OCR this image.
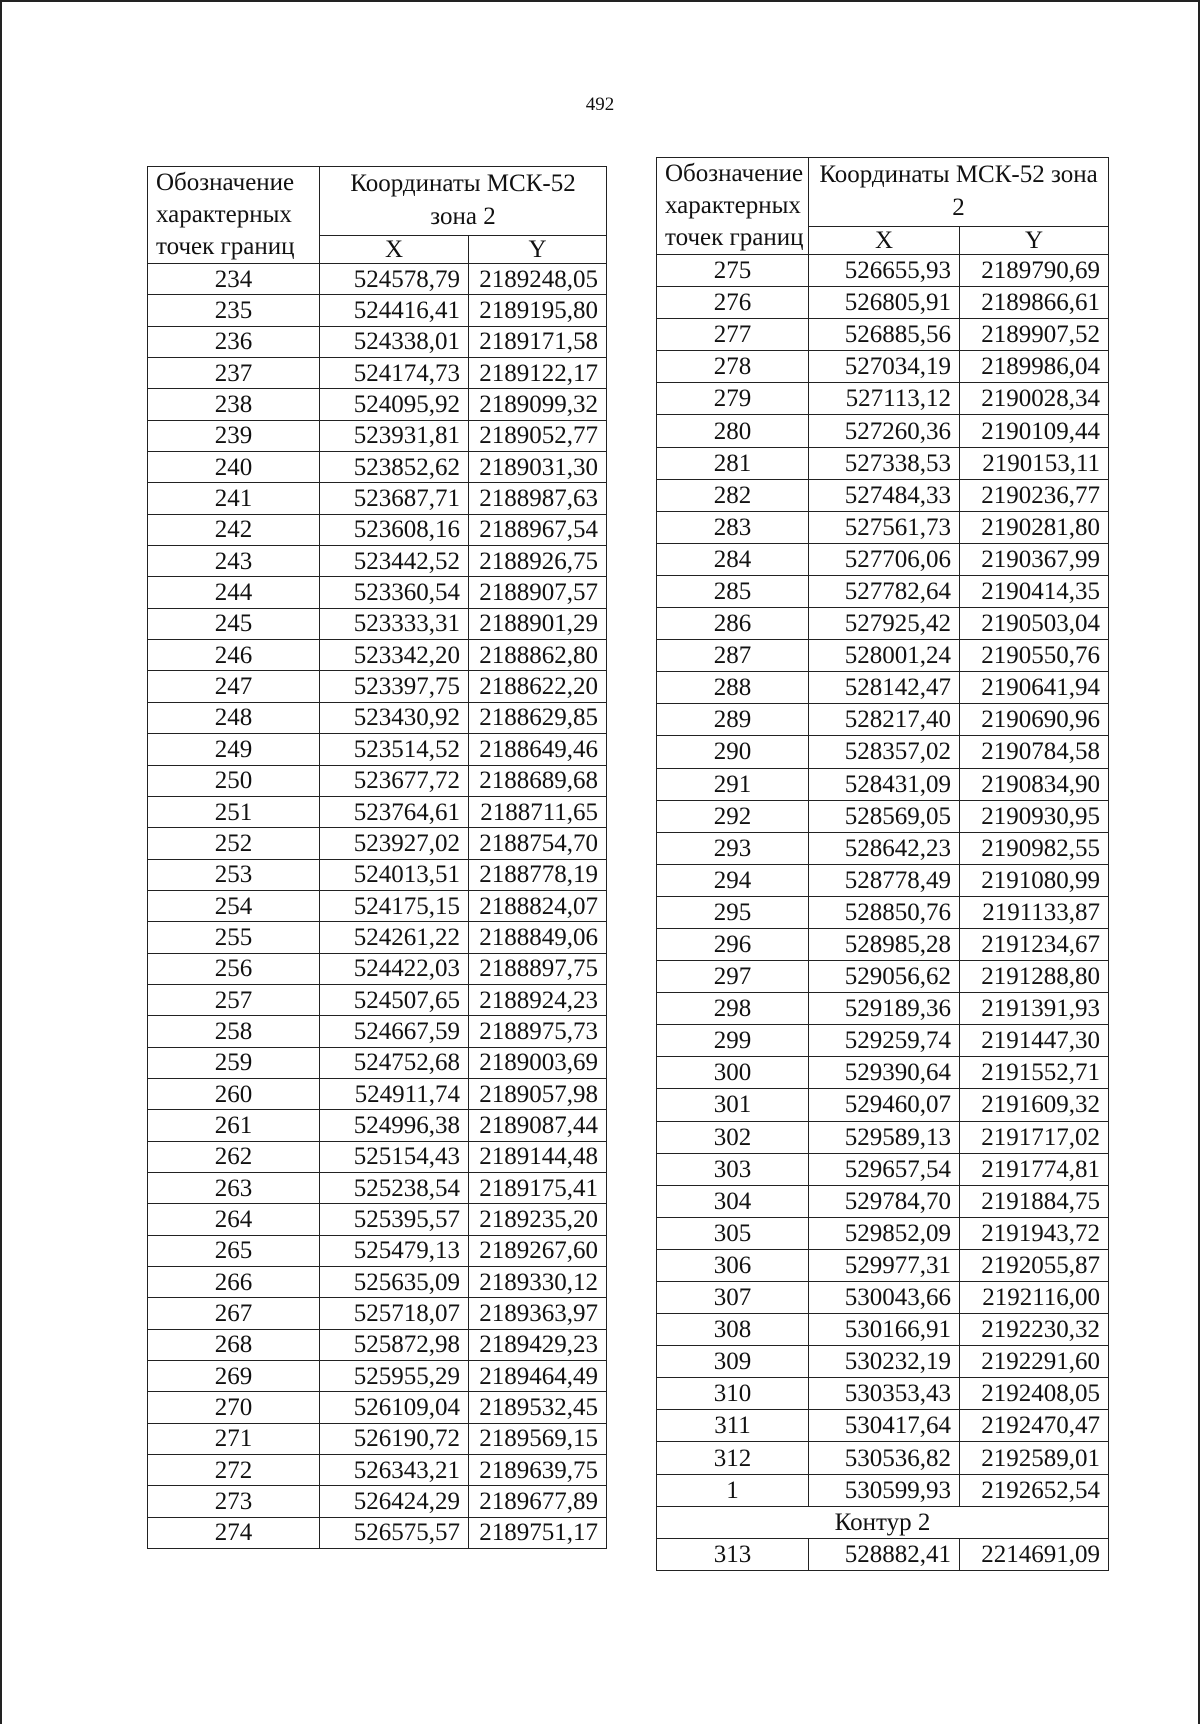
492
Обозначение характерных точек границ	Координаты МСК-52 зона 2	

	X	Y
234	524578,79	2189248,05
235	524416,41	2189195,80
236	524338,01	2189171,58
237	524174,73	2189122,17
238	524095,92	2189099,32
239	523931,81	2189052,77
240	523852,62	2189031,30
241	523687,71	2188987,63
242	523608,16	2188967,54
243	523442,52	2188926,75
244	523360,54	2188907,57
245	523333,31	2188901,29
246	523342,20	2188862,80
247	523397,75	2188622,20
248	523430,92	2188629,85
249	523514,52	2188649,46
250	523677,72	2188689,68
251	523764,61	2188711,65
252	523927,02	2188754,70
253	524013,51	2188778,19
254	524175,15	2188824,07
255	524261,22	2188849,06
256	524422,03	2188897,75
257	524507,65	2188924,23
258	524667,59	2188975,73
259	524752,68	2189003,69
260	524911,74	2189057,98
261	524996,38	2189087,44
262	525154,43	2189144,48
263	525238,54	2189175,41
264	525395,57	2189235,20
265	525479,13	2189267,60
266	525635,09	2189330,12
267	525718,07	2189363,97
268	525872,98	2189429,23
269	525955,29	2189464,49
270	526109,04	2189532,45
271	526190,72	2189569,15
272	526343,21	2189639,75
273	526424,29	2189677,89
274	526575,57	2189751,17
Обозначение характерных точек границ	Координаты МСК-52 зона 2	

	X	Y
275	526655,93	2189790,69
276	526805,91	2189866,61
277	526885,56	2189907,52
278	527034,19	2189986,04
279	527113,12	2190028,34
280	527260,36	2190109,44
281	527338,53	2190153,11
282	527484,33	2190236,77
283	527561,73	2190281,80
284	527706,06	2190367,99
285	527782,64	2190414,35
286	527925,42	2190503,04
287	528001,24	2190550,76
288	528142,47	2190641,94
289	528217,40	2190690,96
290	528357,02	2190784,58
291	528431,09	2190834,90
292	528569,05	2190930,95
293	528642,23	2190982,55
294	528778,49	2191080,99
295	528850,76	2191133,87
296	528985,28	2191234,67
297	529056,62	2191288,80
298	529189,36	2191391,93
299	529259,74	2191447,30
300	529390,64	2191552,71
301	529460,07	2191609,32
302	529589,13	2191717,02
303	529657,54	2191774,81
304	529784,70	2191884,75
305	529852,09	2191943,72
306	529977,31	2192055,87
307	530043,66	2192116,00
308	530166,91	2192230,32
309	530232,19	2192291,60
310	530353,43	2192408,05
311	530417,64	2192470,47
312	530536,82	2192589,01
1	530599,93	2192652,54
Контур 2		
313	528882,41	2214691,09
